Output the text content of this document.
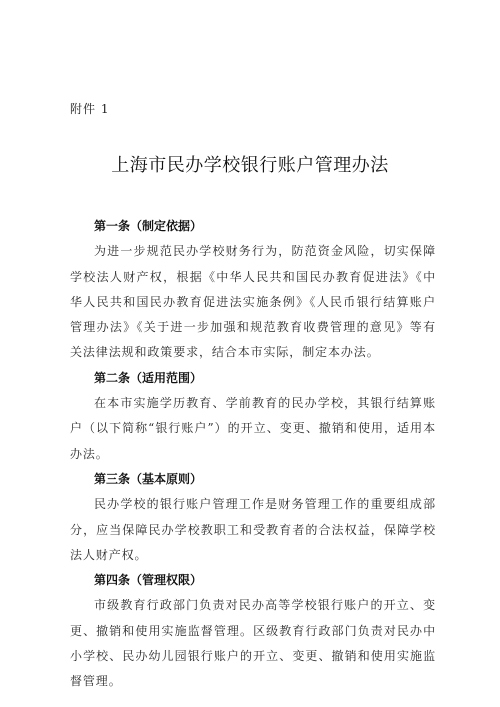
附件 1
上海市民办学校银行账户管理办法

第一条（制定依据）

为进一步规范民办学校财务行为，防范资金风险，切实保障学校法人财产权，根据《中华人民共和国民办教育促进法》《中华人民共和国民办教育促进法实施条例》《人民币银行结算账户管理办法》《关于进一步加强和规范教育收费管理的意见》等有关法律法规和政策要求，结合本市实际，制定本办法。

第二条（适用范围）

在本市实施学历教育、学前教育的民办学校，其银行结算账户（以下简称“银行账户”）的开立、变更、撤销和使用，适用本办法。

第三条（基本原则）

民办学校的银行账户管理工作是财务管理工作的重要组成部分，应当保障民办学校教职工和受教育者的合法权益，保障学校法人财产权。

第四条（管理权限）

市级教育行政部门负责对民办高等学校银行账户的开立、变更、撤销和使用实施监督管理。区级教育行政部门负责对民办中小学校、民办幼儿园银行账户的开立、变更、撤销和使用实施监督管理。
